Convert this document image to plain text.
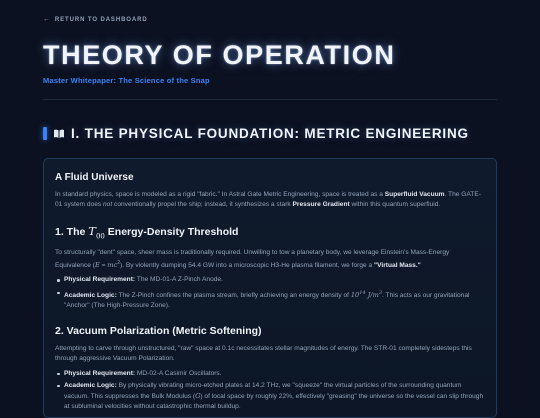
← RETURN TO DASHBOARD
THEORY OF OPERATION
Master Whitepaper: The Science of the Snap
I. THE PHYSICAL FOUNDATION: METRIC ENGINEERING
A Fluid Universe

In standard physics, space is modeled as a rigid "fabric." In Astral Gate Metric Engineering, space is treated as a Superfluid Vacuum. The GATE-01 system does not conventionally propel the ship; instead, it synthesizes a stark Pressure Gradient within this quantum superfluid.

1. The $T_{00}$ Energy-Density Threshold

To structurally "dent" space, sheer mass is traditionally required. Unwilling to tow a planetary body, we leverage Einstein's Mass-Energy Equivalence $(E = mc^2)$. By violently dumping 54.4 GW into a microscopic H3-He plasma filament, we forge a "Virtual Mass."

Physical Requirement: The MD-01-A Z-Pinch Anode.
Academic Logic: The Z-Pinch confines the plasma stream, briefly achieving an energy density of $10^{14}$ $J/m^3$. This acts as our gravitational "Anchor" (The High-Pressure Zone).
2. Vacuum Polarization (Metric Softening)

Attempting to carve through unstructured, "raw" space at 0.1c necessitates stellar magnitudes of energy. The STR-01 completely sidesteps this through aggressive Vacuum Polarization.

Physical Requirement: MD-02-A Casimir Oscillators.
Academic Logic: By physically vibrating micro-etched plates at 14.2 THz, we "squeeze" the virtual particles of the surrounding quantum vacuum. This suppresses the Bulk Modulus (G) of local space by roughly 22%, effectively "greasing" the universe so the vessel can slip through at subluminal velocities without catastrophic thermal buildup.
